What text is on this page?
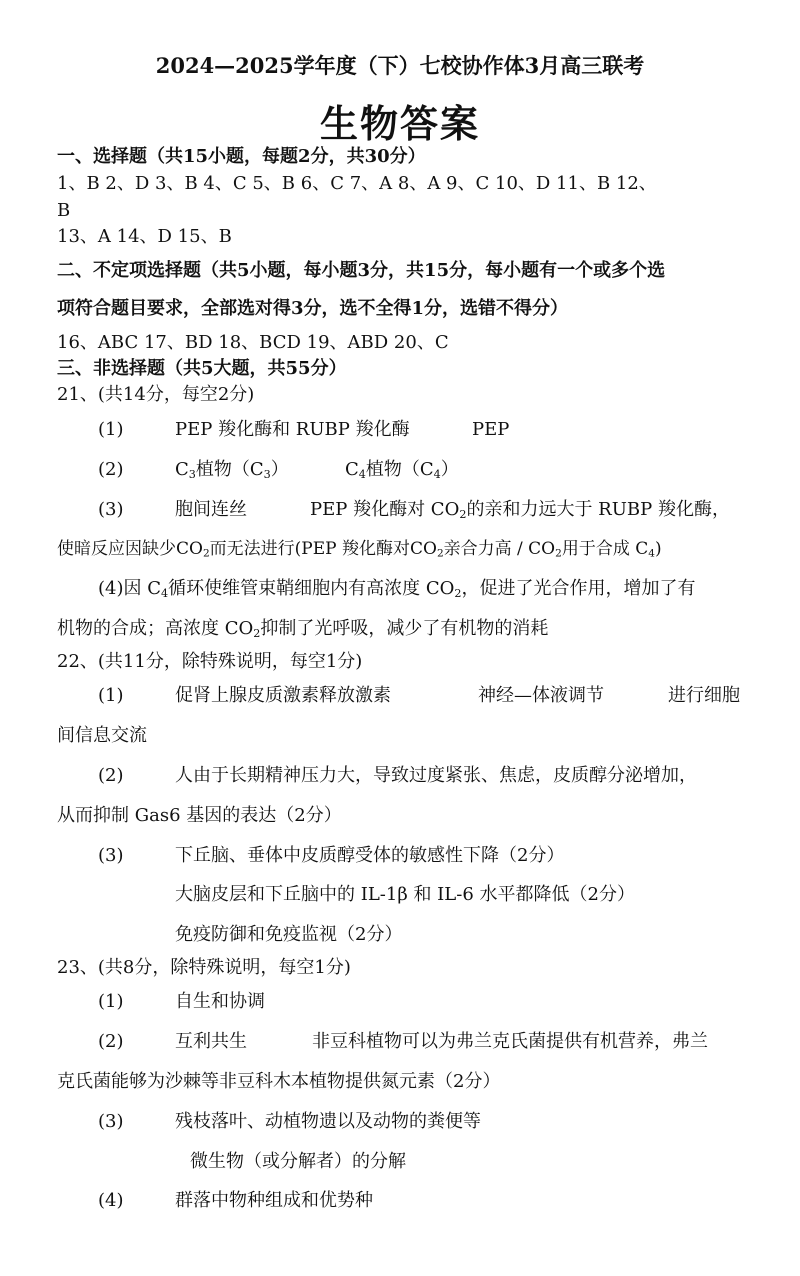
2024—2025学年度（下）七校协作体3月高三联考
生物答案
一、选择题（共15小题，每题2分，共30分）
1、B 2、D 3、B 4、C 5、B 6、C 7、A 8、A 9、C 10、D 11、B 12、
B
13、A 14、D 15、B
二、不定项选择题（共5小题，每小题3分，共15分，每小题有一个或多个选
项符合题目要求，全部选对得3分，选不全得1分，选错不得分）
16、ABC 17、BD 18、BCD 19、ABD 20、C
三、非选择题（共5大题，共55分）
21、(共14分，每空2分)
(1)	PEP 羧化酶和 RUBP 羧化酶	PEP
(2)	$C_3$植物$(C_3)$	$C_4$植物$(C_4)$
(3)	胞间连丝	PEP 羧化酶对 $CO_2$的亲和力远大于 RUBP 羧化酶，
使暗反应因缺少$CO_2$而无法进行(PEP 羧化酶对$CO_2$亲合力高 / $CO_2$用于合成 $C_4$)
(4)因 $C_4$循环使维管束鞘细胞内有高浓度 $CO_2$，促进了光合作用，增加了有
机物的合成；高浓度 $CO_2$抑制了光呼吸，减少了有机物的消耗
22、(共11分，除特殊说明，每空1分)
(1)	促肾上腺皮质激素释放激素	神经—体液调节	进行细胞
间信息交流
(2)	人由于长期精神压力大，导致过度紧张、焦虑，皮质醇分泌增加，
从而抑制 Gas6 基因的表达（2分）
(3)	下丘脑、垂体中皮质醇受体的敏感性下降（2分）
大脑皮层和下丘脑中的 IL-1β 和 IL-6 水平都降低（2分）
免疫防御和免疫监视（2分）
23、(共8分，除特殊说明，每空1分)
(1)	自生和协调
(2)	互利共生	非豆科植物可以为弗兰克氏菌提供有机营养，弗兰
克氏菌能够为沙棘等非豆科木本植物提供氮元素（2分）
(3)	残枝落叶、动植物遗以及动物的粪便等
微生物（或分解者）的分解
(4)	群落中物种组成和优势种
